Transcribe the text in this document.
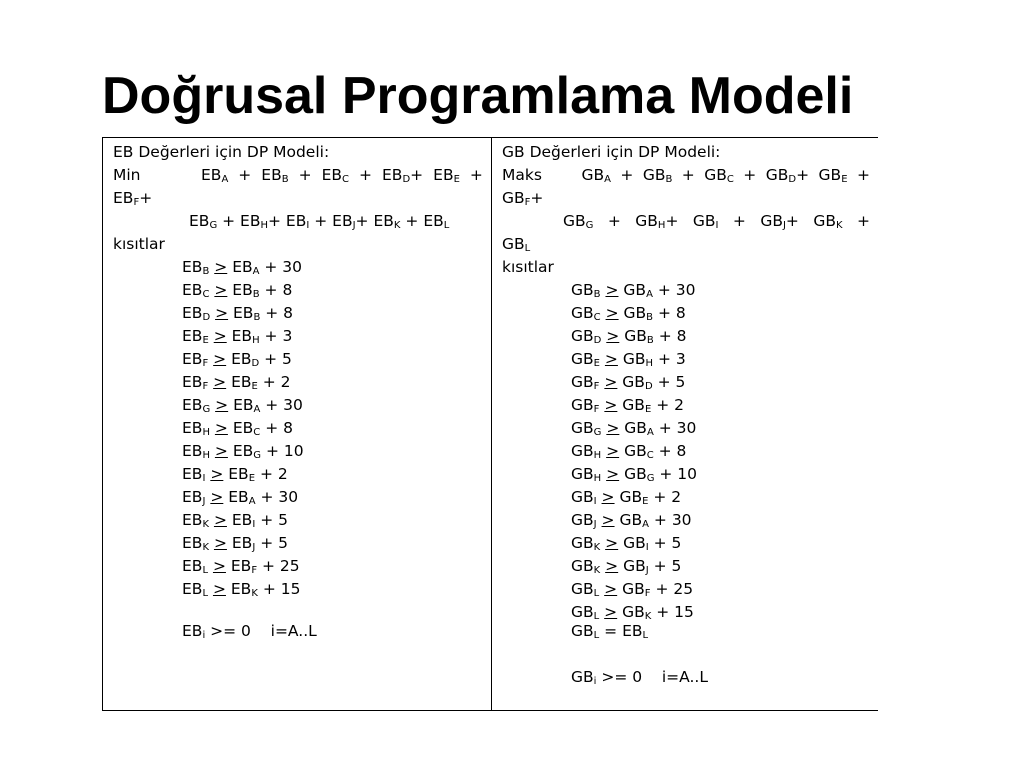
Doğrusal Programlama Modeli
EB Değerleri için DP Modeli:
Min	$EB_A + EB_B + EB_C + EB_D+ EB_E$ +
$EB_F+$
$EB_G + EB_H+ EB_I + EB_J+ EB_K + EB_L$
kısıtlar
$EB_B > EB_A + 30$
$EB_C > EB_B + 8$
$EB_D > EB_B + 8$
$EB_E > EB_H + 3$
$EB_F > EB_D + 5$
$EB_F > EB_E + 2$
$EB_G > EB_A + 30$
$EB_H > EB_C + 8$
$EB_H > EB_G + 10$
$EB_I > EB_E + 2$
$EB_J > EB_A + 30$
$EB_K > EB_I + 5$
$EB_K > EB_J + 5$
$EB_L > EB_F + 25$
$EB_L > EB_K + 15$
$EB_i >= 0$ i=A..L
GB Değerleri için DP Modeli:
Maks	$GB_A + GB_B + GB_C + GB_D+ GB_E$ +
$GB_F+$
$GB_G + GB_H+ GB_I + GB_J+ GB_K$ +
$GB_L$
kısıtlar
$GB_B > GB_A + 30$
$GB_C > GB_B + 8$
$GB_D > GB_B + 8$
$GB_E > GB_H + 3$
$GB_F > GB_D + 5$
$GB_F > GB_E + 2$
$GB_G > GB_A + 30$
$GB_H > GB_C + 8$
$GB_H > GB_G + 10$
$GB_I > GB_E + 2$
$GB_J > GB_A + 30$
$GB_K > GB_I + 5$
$GB_K > GB_J + 5$
$GB_L > GB_F + 25$
$GB_L > GB_K + 15$
$GB_L = EB_L$
$GB_i >= 0$ i=A..L
